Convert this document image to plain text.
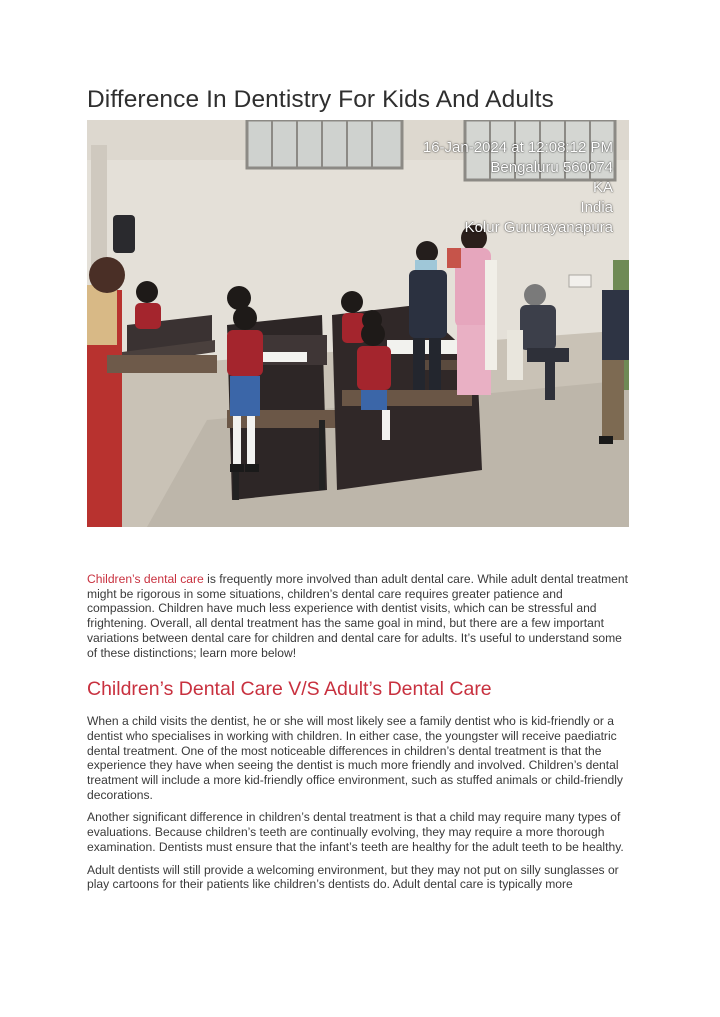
Difference In Dentistry For Kids And Adults
16-Jan-2024 at 12:08:12 PM
Bengaluru 560074
KA
India
Kolur Gururayanapura

Children’s dental care is frequently more involved than adult dental care. While adult dental treatment might be rigorous in some situations, children’s dental care requires greater patience and compassion. Children have much less experience with dentist visits, which can be stressful and frightening. Overall, all dental treatment has the same goal in mind, but there are a few important variations between dental care for children and dental care for adults. It’s useful to understand some of these distinctions; learn more below!

Children’s Dental Care V/S Adult’s Dental Care

When a child visits the dentist, he or she will most likely see a family dentist who is kid-friendly or a dentist who specialises in working with children. In either case, the youngster will receive paediatric dental treatment. One of the most noticeable differences in children’s dental treatment is that the experience they have when seeing the dentist is much more friendly and involved. Children’s dental treatment will include a more kid-friendly office environment, such as stuffed animals or child-friendly decorations.

Another significant difference in children’s dental treatment is that a child may require many types of evaluations. Because children’s teeth are continually evolving, they may require a more thorough examination. Dentists must ensure that the infant’s teeth are healthy for the adult teeth to be healthy.

Adult dentists will still provide a welcoming environment, but they may not put on silly sunglasses or play cartoons for their patients like children’s dentists do. Adult dental care is typically more
